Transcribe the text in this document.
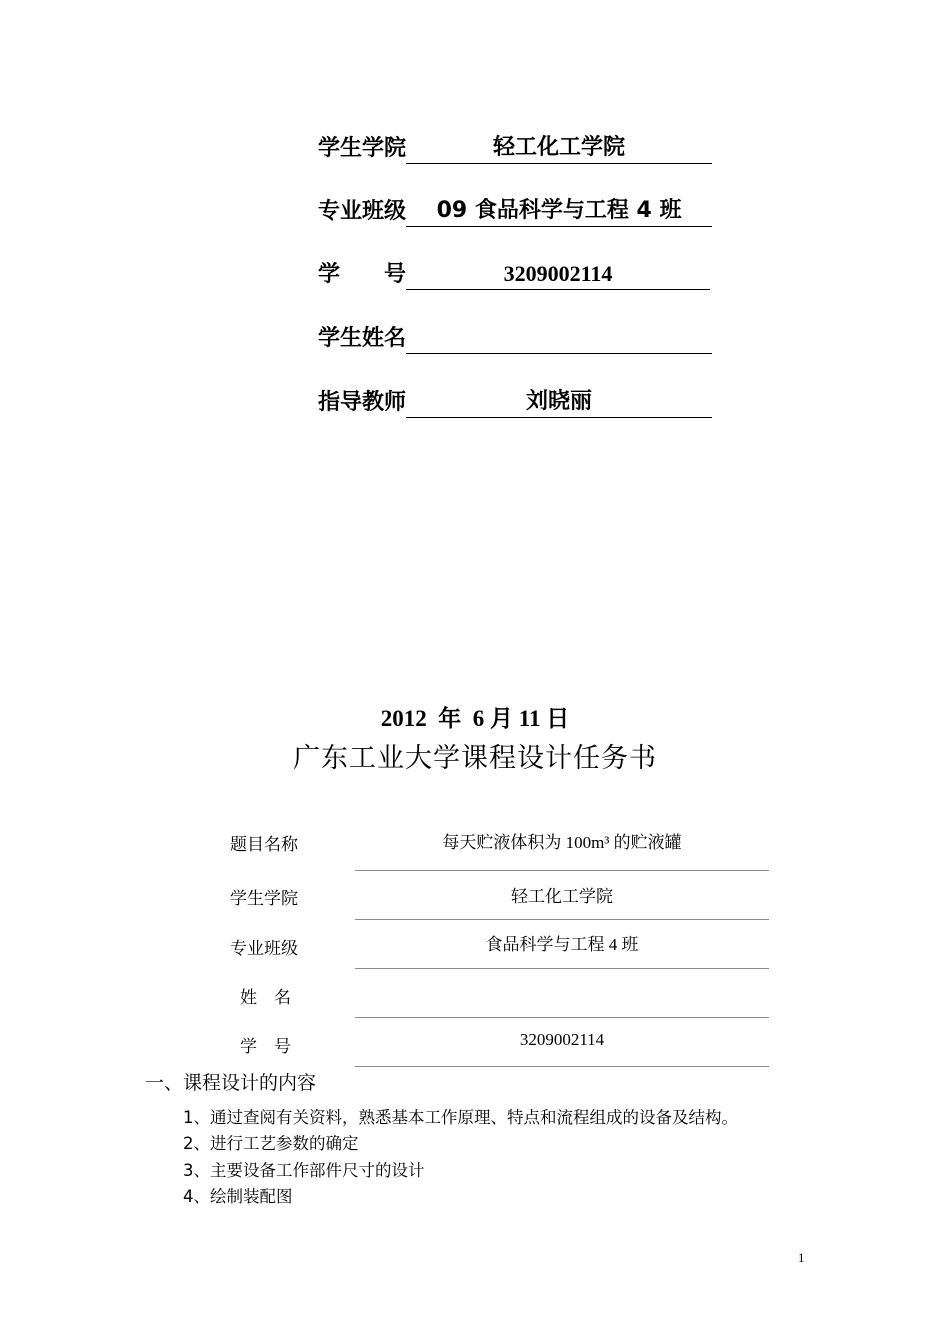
学生学院	轻工化工学院
专业班级	09 食品科学与工程 4 班
学　　号	3209002114
学生姓名
指导教师	刘晓丽
2012  年  6 月 11 日
广东工业大学课程设计任务书
题目名称	每天贮液体积为 100m³ 的贮液罐
学生学院	轻工化工学院
专业班级	食品科学与工程 4 班
姓　名
学　号	3209002114
一、课程设计的内容
1、通过查阅有关资料，熟悉基本工作原理、特点和流程组成的设备及结构。
2、进行工艺参数的确定
3、主要设备工作部件尺寸的设计
4、绘制装配图
1
